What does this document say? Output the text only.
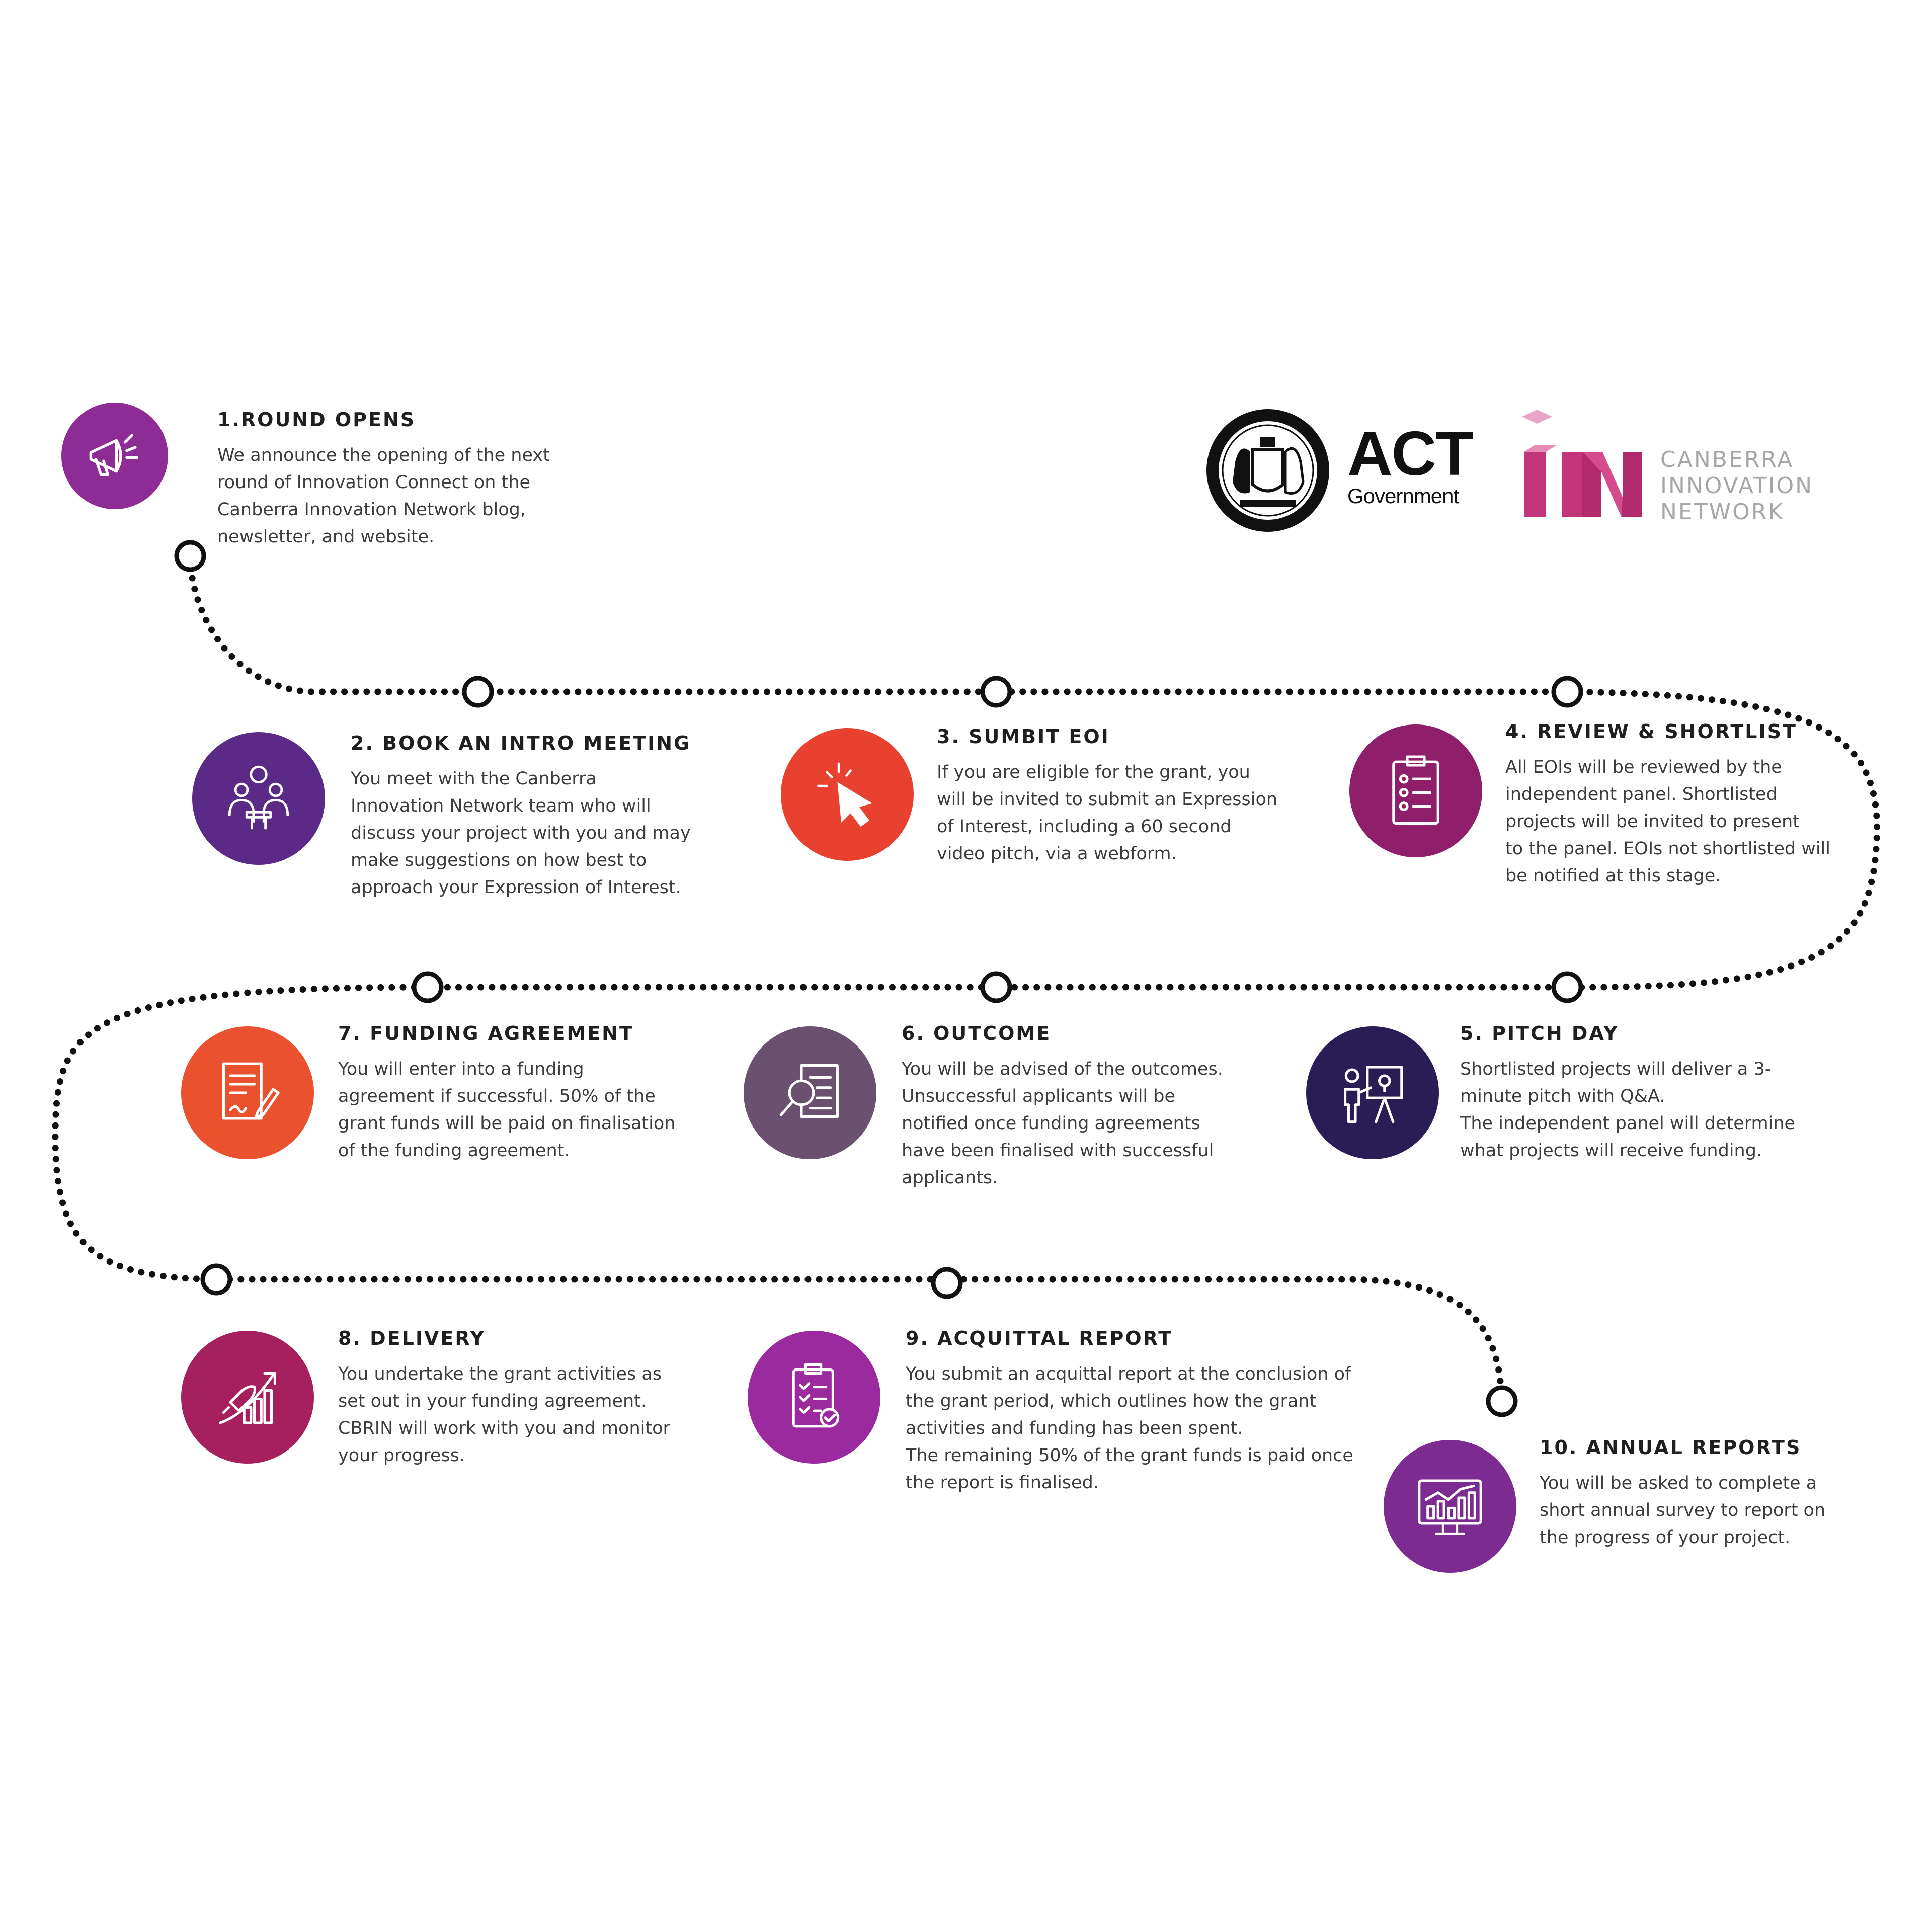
ACT
Government
CANBERRA
INNOVATION
NETWORK
1.ROUND OPENS
We announce the opening of the next
round of Innovation Connect on the
Canberra Innovation Network blog,
newsletter, and website.
2. BOOK AN INTRO MEETING
You meet with the Canberra
Innovation Network team who will
discuss your project with you and may
make suggestions on how best to
approach your Expression of Interest.
3. SUMBIT EOI
If you are eligible for the grant, you
will be invited to submit an Expression
of Interest, including a 60 second
video pitch, via a webform.
4. REVIEW & SHORTLIST
All EOIs will be reviewed by the
independent panel. Shortlisted
projects will be invited to present
to the panel. EOIs not shortlisted will
be notified at this stage.
7. FUNDING AGREEMENT
You will enter into a funding
agreement if successful. 50% of the
grant funds will be paid on finalisation
of the funding agreement.
6. OUTCOME
You will be advised of the outcomes.
Unsuccessful applicants will be
notified once funding agreements
have been finalised with successful
applicants.
5. PITCH DAY
Shortlisted projects will deliver a 3-
minute pitch with Q&A.
The independent panel will determine
what projects will receive funding.
8. DELIVERY
You undertake the grant activities as
set out in your funding agreement.
CBRIN will work with you and monitor
your progress.
9. ACQUITTAL REPORT
You submit an acquittal report at the conclusion of
the grant period, which outlines how the grant
activities and funding has been spent.
The remaining 50% of the grant funds is paid once
the report is finalised.
10. ANNUAL REPORTS
You will be asked to complete a
short annual survey to report on
the progress of your project.
